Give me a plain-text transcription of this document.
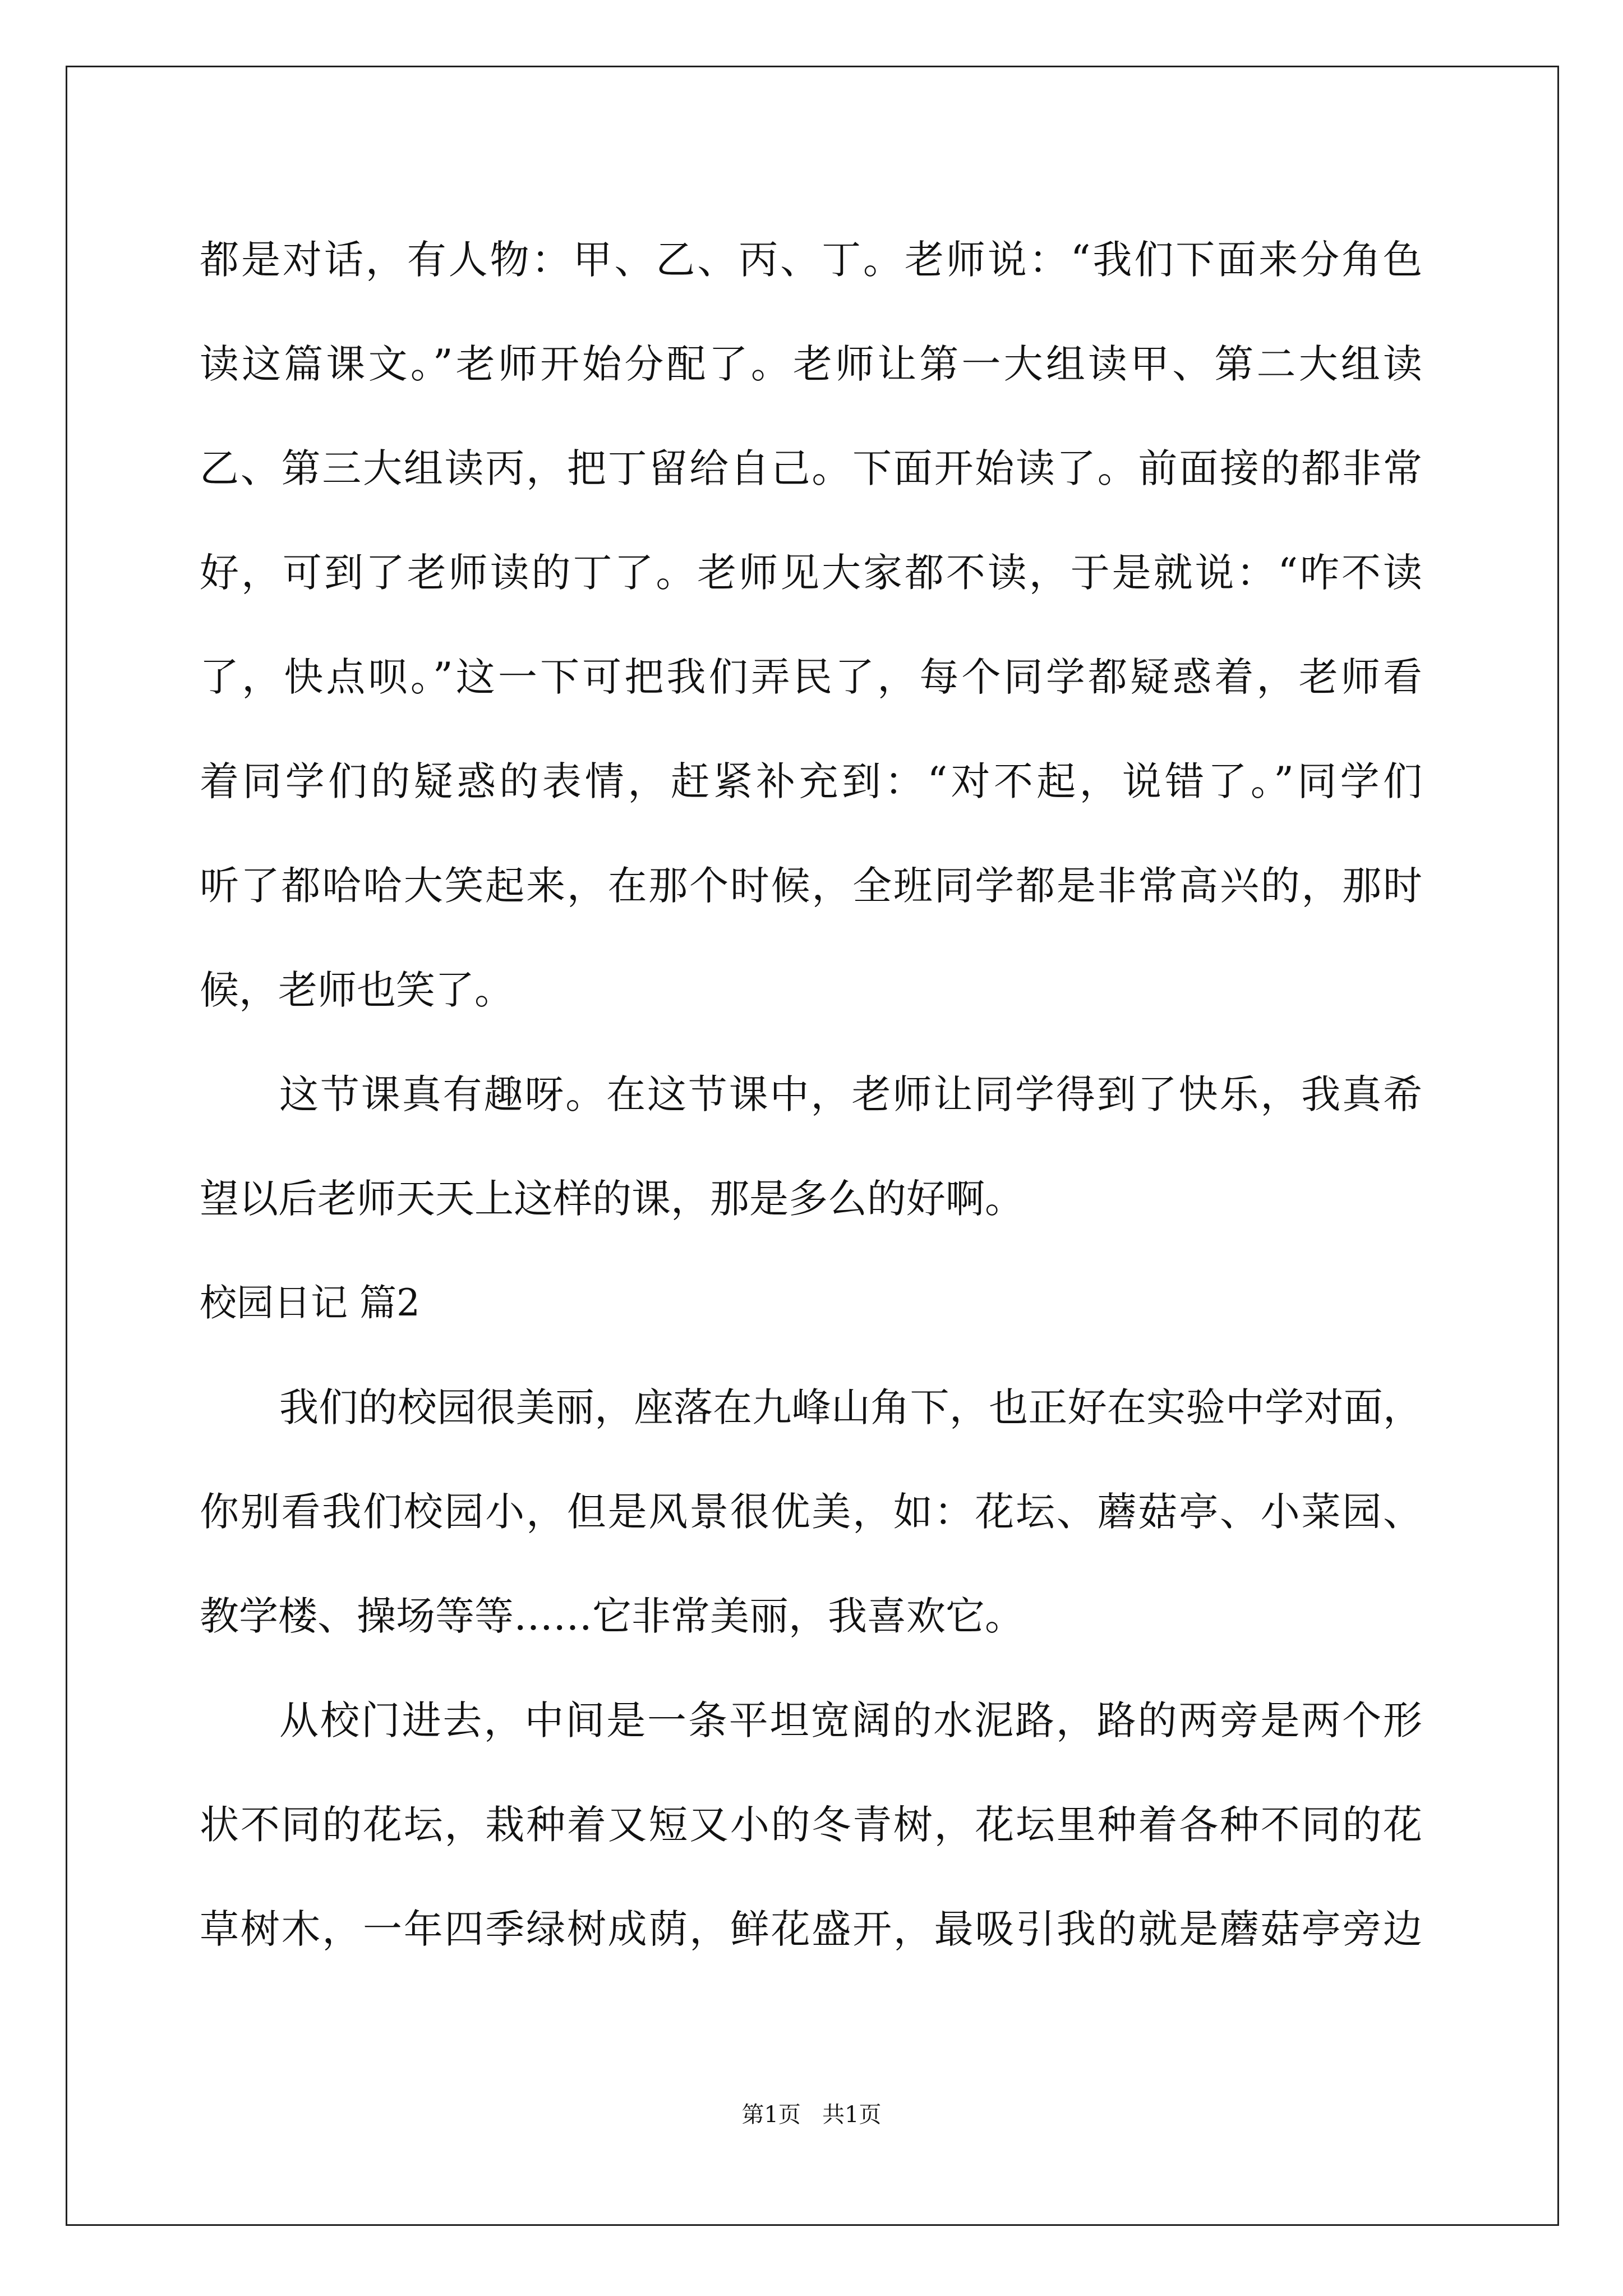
都是对话，有人物：甲、乙、丙、丁。老师说：“我们下面来分角色
读这篇课文。”老师开始分配了。老师让第一大组读甲、第二大组读
乙、第三大组读丙，把丁留给自己。下面开始读了。前面接的都非常
好，可到了老师读的丁了。老师见大家都不读，于是就说：“咋不读
了，快点呗。”这一下可把我们弄民了，每个同学都疑惑着，老师看
着同学们的疑惑的表情，赶紧补充到：“对不起，说错了。”同学们
听了都哈哈大笑起来，在那个时候，全班同学都是非常高兴的，那时
候，老师也笑了。
这节课真有趣呀。在这节课中，老师让同学得到了快乐，我真希
望以后老师天天上这样的课，那是多么的好啊。
校园日记 篇2
我们的校园很美丽，座落在九峰山角下，也正好在实验中学对面，
你别看我们校园小，但是风景很优美，如：花坛、蘑菇亭、小菜园、
教学楼、操场等等……它非常美丽，我喜欢它。
从校门进去，中间是一条平坦宽阔的水泥路，路的两旁是两个形
状不同的花坛，栽种着又短又小的冬青树，花坛里种着各种不同的花
草树木，一年四季绿树成荫，鲜花盛开，最吸引我的就是蘑菇亭旁边
第1页 共1页
